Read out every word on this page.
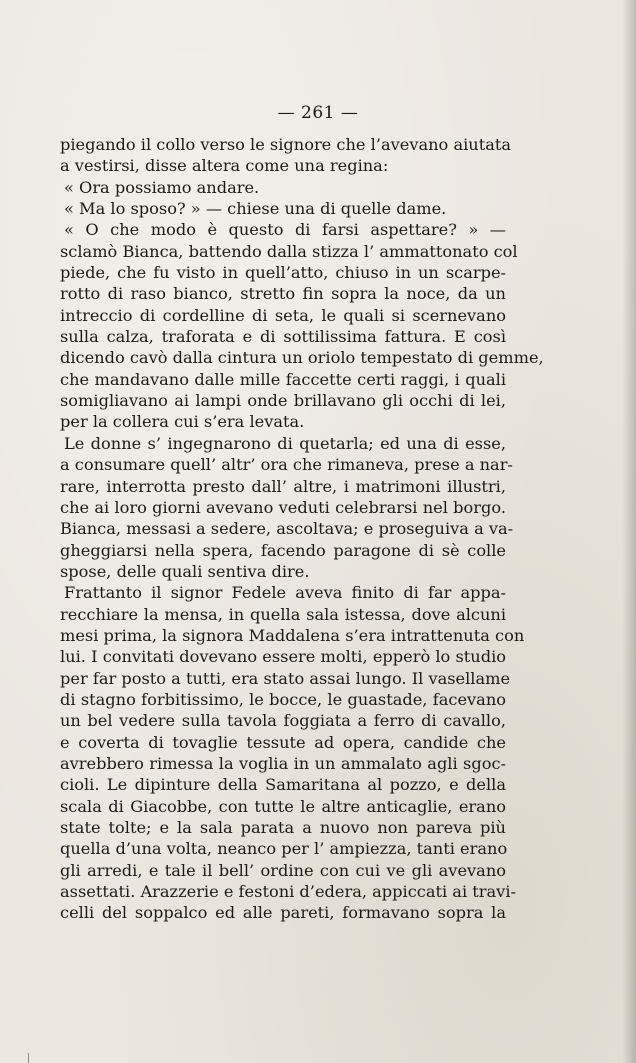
— 261 —
piegando il collo verso le signore che l’avevano aiutata
a vestirsi, disse altera come una regina:
« Ora possiamo andare.
« Ma lo sposo? » — chiese una di quelle dame.
« O che modo è questo di farsi aspettare? » —
sclamò Bianca, battendo dalla stizza l’ ammattonato col
piede, che fu visto in quell’atto, chiuso in un scarpe-
rotto di raso bianco, stretto fin sopra la noce, da un
intreccio di cordelline di seta, le quali si scernevano
sulla calza, traforata e di sottilissima fattura. E così
dicendo cavò dalla cintura un oriolo tempestato di gemme,
che mandavano dalle mille faccette certi raggi, i quali
somigliavano ai lampi onde brillavano gli occhi di lei,
per la collera cui s’era levata.
Le donne s’ ingegnarono di quetarla; ed una di esse,
a consumare quell’ altr’ ora che rimaneva, prese a nar-
rare, interrotta presto dall’ altre, i matrimoni illustri,
che ai loro giorni avevano veduti celebrarsi nel borgo.
Bianca, messasi a sedere, ascoltava; e proseguiva a va-
gheggiarsi nella spera, facendo paragone di sè colle
spose, delle quali sentiva dire.
Frattanto il signor Fedele aveva finito di far appa-
recchiare la mensa, in quella sala istessa, dove alcuni
mesi prima, la signora Maddalena s’era intrattenuta con
lui. I convitati dovevano essere molti, epperò lo studio
per far posto a tutti, era stato assai lungo. Il vasellame
di stagno forbitissimo, le bocce, le guastade, facevano
un bel vedere sulla tavola foggiata a ferro di cavallo,
e coverta di tovaglie tessute ad opera, candide che
avrebbero rimessa la voglia in un ammalato agli sgoc-
cioli. Le dipinture della Samaritana al pozzo, e della
scala di Giacobbe, con tutte le altre anticaglie, erano
state tolte; e la sala parata a nuovo non pareva più
quella d’una volta, neanco per l’ ampiezza, tanti erano
gli arredi, e tale il bell’ ordine con cui ve gli avevano
assettati. Arazzerie e festoni d’edera, appiccati ai travi-
celli del soppalco ed alle pareti, formavano sopra la
